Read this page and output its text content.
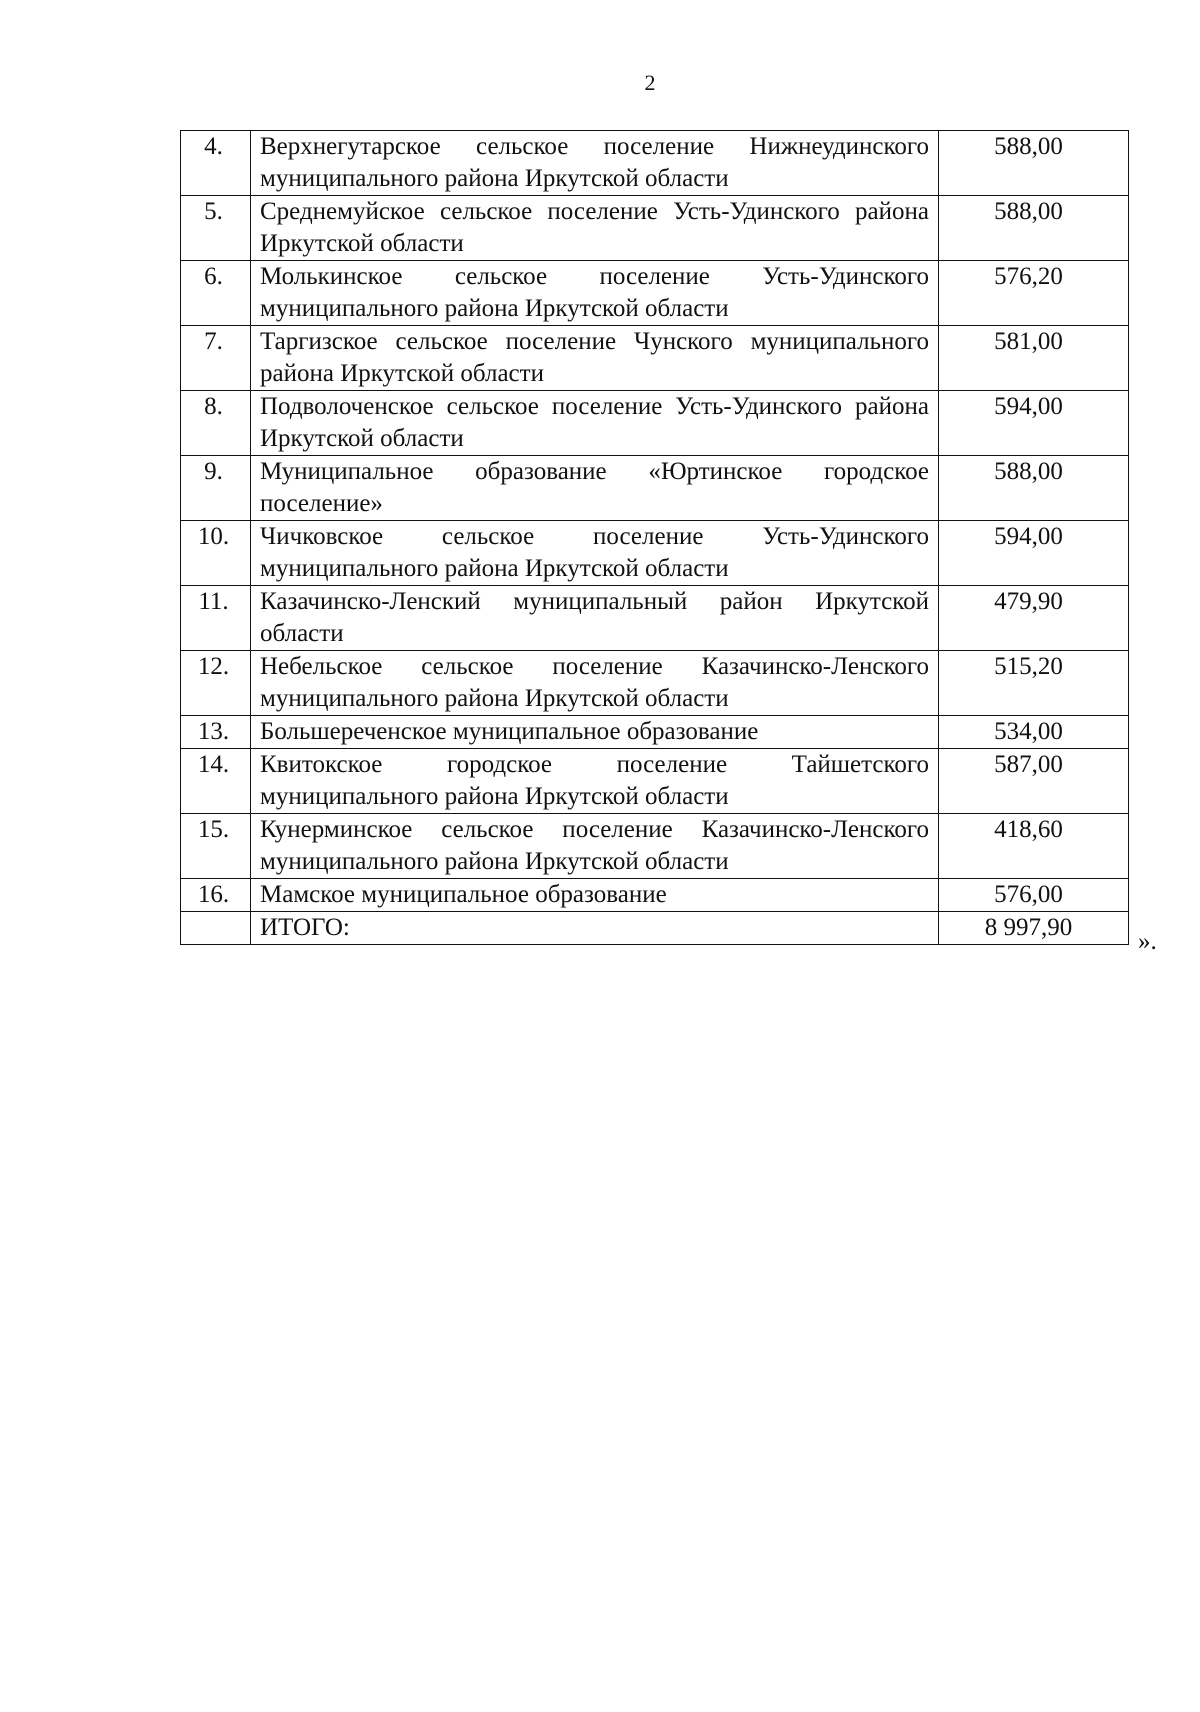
2
4.	Верхнегутарское сельское поселение Нижнеудинского муниципального района Иркутской области	588,00
5.	Среднемуйское сельское поселение Усть-Удинского района Иркутской области	588,00
6.	Молькинское сельское поселение Усть-Удинского муниципального района Иркутской области	576,20
7.	Таргизское сельское поселение Чунского муниципального района Иркутской области	581,00
8.	Подволоченское сельское поселение Усть-Удинского района Иркутской области	594,00
9.	Муниципальное образование «Юртинское городское поселение»	588,00
10.	Чичковское сельское поселение Усть-Удинского муниципального района Иркутской области	594,00
11.	Казачинско-Ленский муниципальный район Иркутской области	479,90
12.	Небельское сельское поселение Казачинско-Ленского муниципального района Иркутской области	515,20
13.	Большереченское муниципальное образование	534,00
14.	Квитокское городское поселение Тайшетского муниципального района Иркутской области	587,00
15.	Кунерминское сельское поселение Казачинско-Ленского муниципального района Иркутской области	418,60
16.	Мамское муниципальное образование	576,00
	ИТОГО:	8 997,90
».
